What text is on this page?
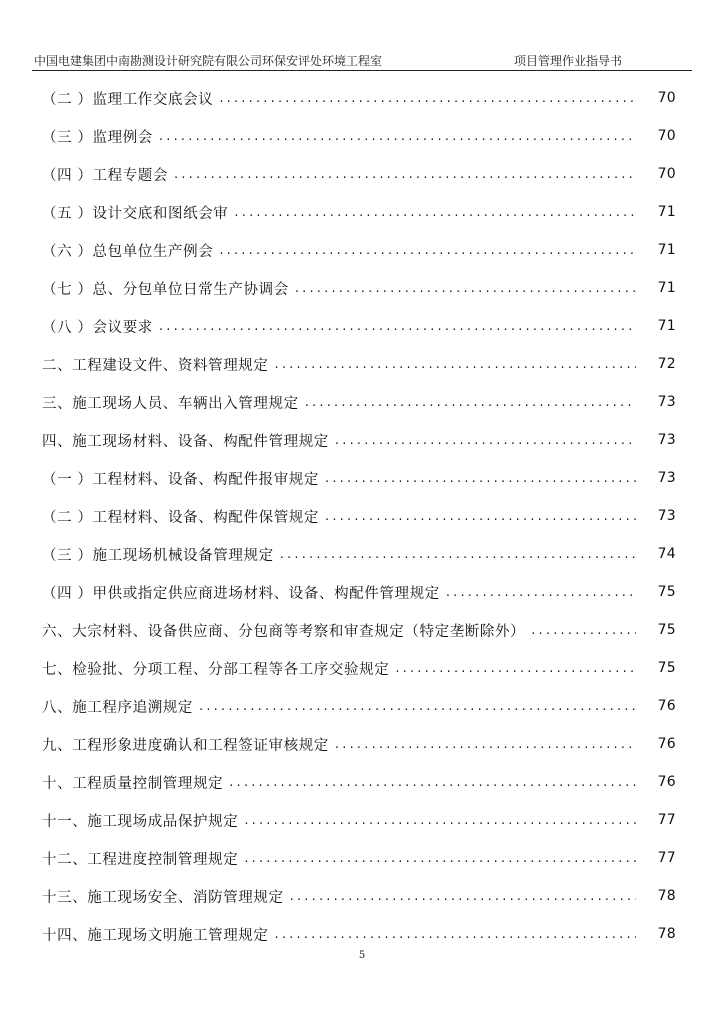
中国电建集团中南勘测设计研究院有限公司环保安评处环境工程室	项目管理作业指导书
（二 ）监理工作交底会议 .....	70
（三 ）监理例会 .....	70
（四 ）工程专题会 .....	70
（五 ）设计交底和图纸会审 .....	71
（六 ）总包单位生产例会 .....	71
（七 ）总、分包单位日常生产协调会 .....	71
（八 ）会议要求 .....	71
二、工程建设文件、资料管理规定 .....	72
三、施工现场人员、车辆出入管理规定 .....	73
四、施工现场材料、设备、构配件管理规定 .....	73
（一 ）工程材料、设备、构配件报审规定 .....	73
（二 ）工程材料、设备、构配件保管规定 .....	73
（三 ）施工现场机械设备管理规定 .....	74
（四 ）甲供或指定供应商进场材料、设备、构配件管理规定 .....	75
六、大宗材料、设备供应商、分包商等考察和审查规定（特定垄断除外） .....	75
七、检验批、分项工程、分部工程等各工序交验规定 .....	75
八、施工程序追溯规定 .....	76
九、工程形象进度确认和工程签证审核规定 .....	76
十、工程质量控制管理规定 .....	76
十一、施工现场成品保护规定 .....	77
十二、工程进度控制管理规定 .....	77
十三、施工现场安全、消防管理规定 .....	78
十四、施工现场文明施工管理规定 .....	78
5
